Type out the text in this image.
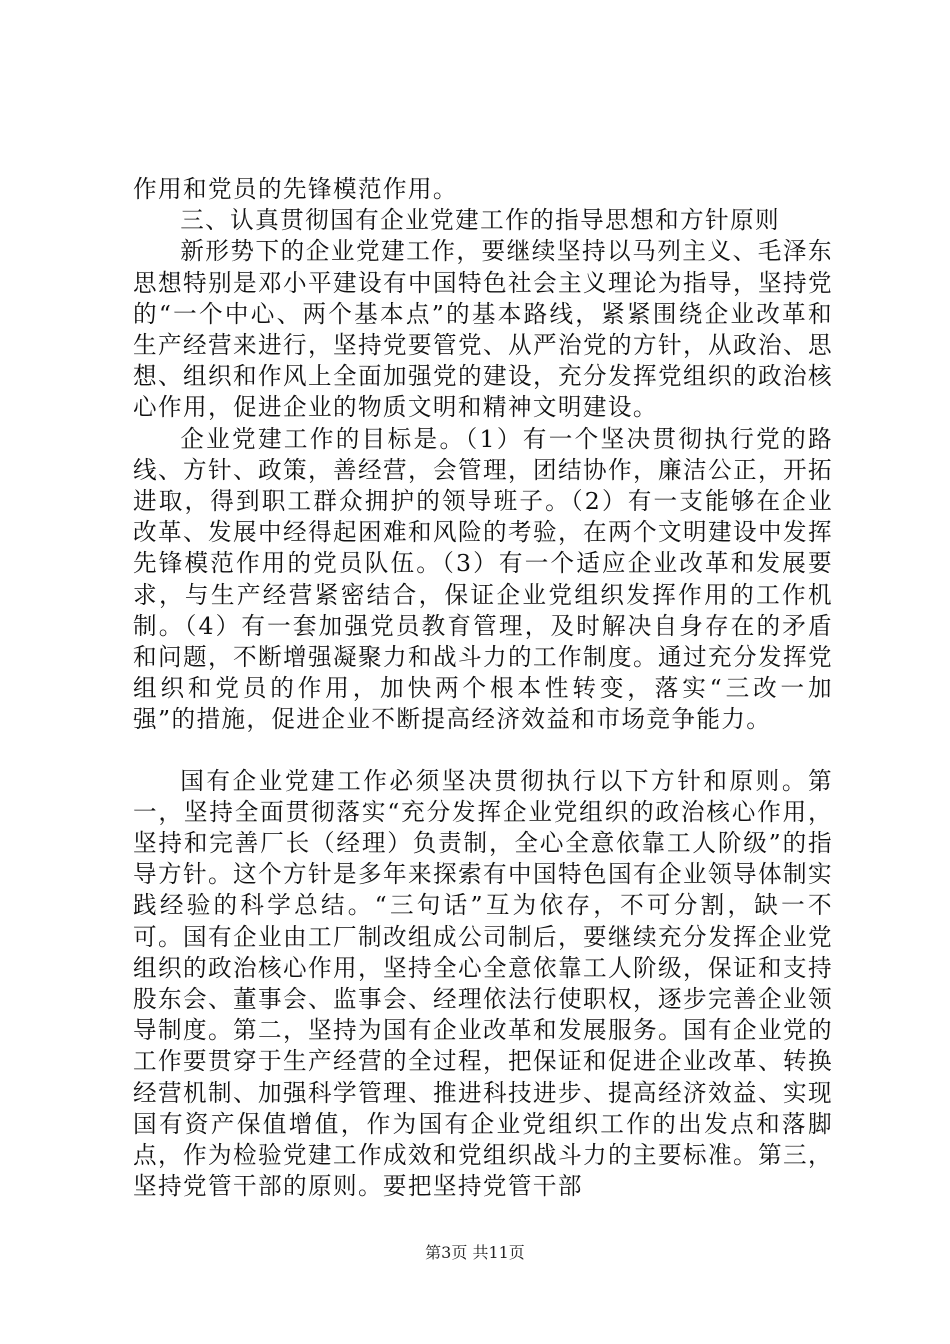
作用和党员的先锋模范作用。

三、认真贯彻国有企业党建工作的指导思想和方针原则

新形势下的企业党建工作，要继续坚持以马列主义、毛泽东思想特别是邓小平建设有中国特色社会主义理论为指导，坚持党的“一个中心、两个基本点”的基本路线，紧紧围绕企业改革和生产经营来进行，坚持党要管党、从严治党的方针，从政治、思想、组织和作风上全面加强党的建设，充分发挥党组织的政治核心作用，促进企业的物质文明和精神文明建设。

企业党建工作的目标是。（1）有一个坚决贯彻执行党的路线、方针、政策，善经营，会管理，团结协作，廉洁公正，开拓进取，得到职工群众拥护的领导班子。（2）有一支能够在企业改革、发展中经得起困难和风险的考验，在两个文明建设中发挥先锋模范作用的党员队伍。（3）有一个适应企业改革和发展要求，与生产经营紧密结合，保证企业党组织发挥作用的工作机制。（4）有一套加强党员教育管理，及时解决自身存在的矛盾和问题，不断增强凝聚力和战斗力的工作制度。通过充分发挥党组织和党员的作用，加快两个根本性转变，落实“三改一加强”的措施，促进企业不断提高经济效益和市场竞争能力。

国有企业党建工作必须坚决贯彻执行以下方针和原则。第一，坚持全面贯彻落实“充分发挥企业党组织的政治核心作用，坚持和完善厂长（经理）负责制，全心全意依靠工人阶级”的指导方针。这个方针是多年来探索有中国特色国有企业领导体制实践经验的科学总结。“三句话”互为依存，不可分割，缺一不可。国有企业由工厂制改组成公司制后，要继续充分发挥企业党组织的政治核心作用，坚持全心全意依靠工人阶级，保证和支持股东会、董事会、监事会、经理依法行使职权，逐步完善企业领导制度。第二，坚持为国有企业改革和发展服务。国有企业党的工作要贯穿于生产经营的全过程，把保证和促进企业改革、转换经营机制、加强科学管理、推进科技进步、提高经济效益、实现国有资产保值增值，作为国有企业党组织工作的出发点和落脚点，作为检验党建工作成效和党组织战斗力的主要标准。第三，坚持党管干部的原则。要把坚持党管干部

第3页 共11页
